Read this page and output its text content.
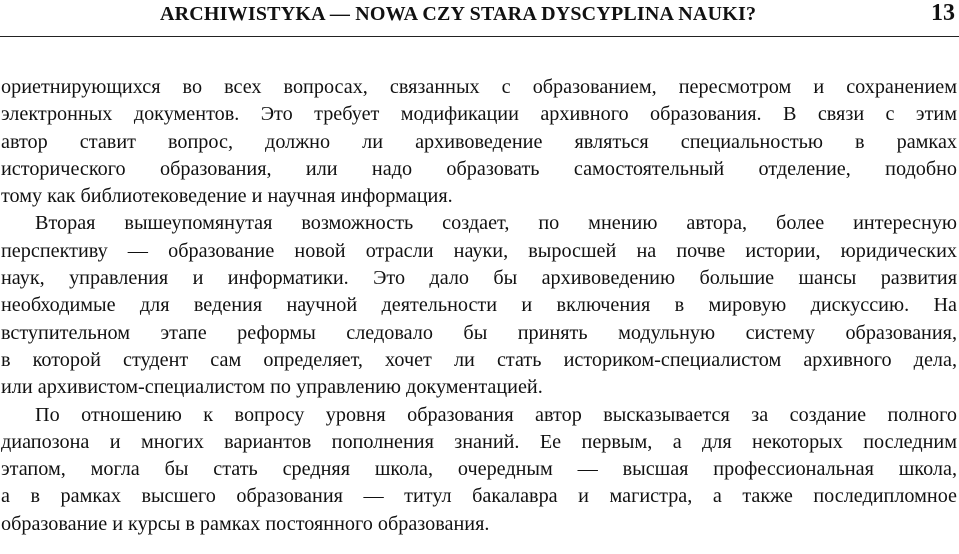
ARCHIWISTYKA — NOWA CZY STARA DYSCYPLINA NAUKI?	13
ориетнирующихся во всех вопросах, связанных с образованием, пересмотром и сохранением
электронных документов. Это требует модификации архивного образования. В связи с этим
автор ставит вопрос, должно ли архивоведение являться специальностью в рамках
исторического образования, или надо образовать самостоятельный отделение, подобно
тому как библиотековедение и научная информация.
Вторая вышеупомянутая возможность создает, по мнению автора, более интересную
перспективу — образование новой отрасли науки, выросшей на почве истории, юридических
наук, управления и информатики. Это дало бы архивоведению большие шансы развития
необходимые для ведения научной деятельности и включения в мировую дискуссию. На
вступительном этапе реформы следовало бы принять модульную систему образования,
в которой студент сам определяет, хочет ли стать историком-специалистом архивного дела,
или архивистом-специалистом по управлению документацией.
По отношению к вопросу уровня образования автор высказывается за создание полного
диапозона и многих вариантов пополнения знаний. Ее первым, а для некоторых последним
этапом, могла бы стать средняя школа, очередным — высшая профессиональная школа,
а в рамках высшего образования — титул бакалавра и магистра, а также последипломное
образование и курсы в рамках постоянного образования.
